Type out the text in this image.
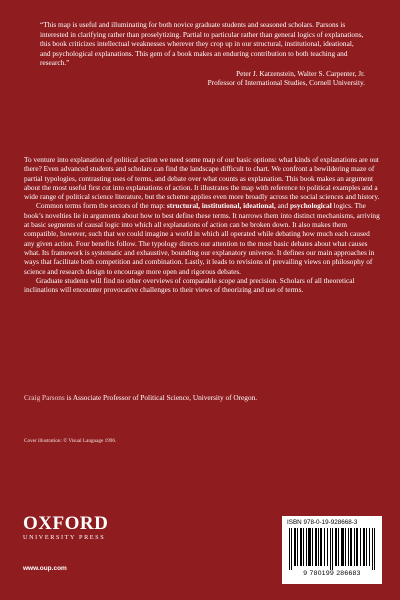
“This map is useful and illuminating for both novice graduate students and seasoned scholars. Parsons is interested in clarifying rather than proselytizing. Partial to particular rather than general logics of explanations, this book criticizes intellectual weaknesses wherever they crop up in our structural, institutional, ideational, and psychological explanations. This gem of a book makes an enduring contribution to both teaching and research.”

Peter J. Katzenstein, Walter S. Carpenter, Jr.
Professor of International Studies, Cornell University.

To venture into explanation of political action we need some map of our basic options: what kinds of explanations are out there? Even advanced students and scholars can find the landscape difficult to chart. We confront a bewildering maze of partial typologies, contrasting uses of terms, and debate over what counts as explanation. This book makes an argument about the most useful first cut into explanations of action. It illustrates the map with reference to political examples and a wide range of political science literature, but the scheme applies even more broadly across the social sciences and history.

Common terms form the sectors of the map: structural, institutional, ideational, and psychological logics. The book’s novelties lie in arguments about how to best define these terms. It narrows them into distinct mechanisms, arriving at basic segments of causal logic into which all explanations of action can be broken down. It also makes them compatible, however, such that we could imagine a world in which all operated while debating how much each caused any given action. Four benefits follow. The typology directs our attention to the most basic debates about what causes what. Its framework is systematic and exhaustive, bounding our explanatory universe. It defines our main approaches in ways that facilitate both competition and combination. Lastly, it leads to revisions of prevailing views on philosophy of science and research design to encourage more open and rigorous debates.

Graduate students will find no other overviews of comparable scope and precision. Scholars of all theoretical inclinations will encounter provocative challenges to their views of theorizing and use of terms.

Craig Parsons is Associate Professor of Political Science, University of Oregon.
Cover illustration: © Visual Language 1996.
OXFORD
UNIVERSITY PRESS
www.oup.com
ISBN 978-0-19-928668-3
9 780199 286683
